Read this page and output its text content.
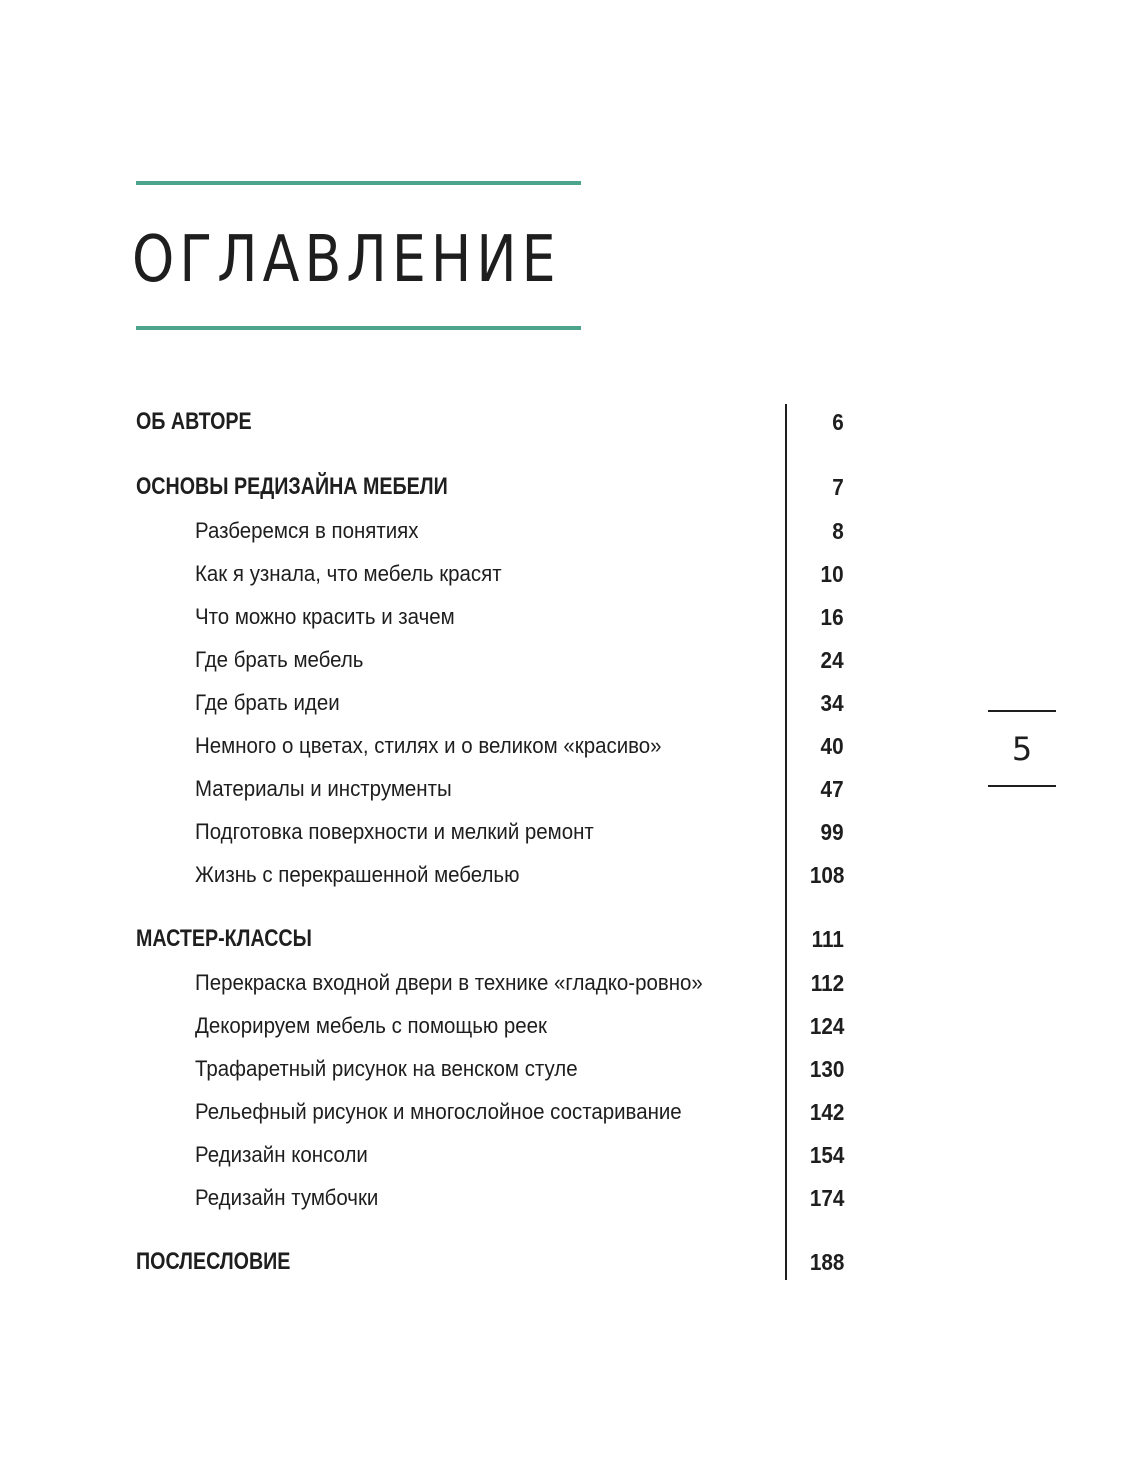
ОГЛАВЛЕНИЕ
ОБ АВТОРЕ	6
ОСНОВЫ РЕДИЗАЙНА МЕБЕЛИ	7
Разберемся в понятиях	8
Как я узнала, что мебель красят	10
Что можно красить и зачем	16
Где брать мебель	24
Где брать идеи	34
Немного о цветах, стилях и о великом «красиво»	40
Материалы и инструменты	47
Подготовка поверхности и мелкий ремонт	99
Жизнь с перекрашенной мебелью	108
МАСТЕР-КЛАССЫ	111
Перекраска входной двери в технике «гладко-ровно»	112
Декорируем мебель с помощью реек	124
Трафаретный рисунок на венском стуле	130
Рельефный рисунок и многослойное состаривание	142
Редизайн консоли	154
Редизайн тумбочки	174
ПОСЛЕСЛОВИЕ	188
5
